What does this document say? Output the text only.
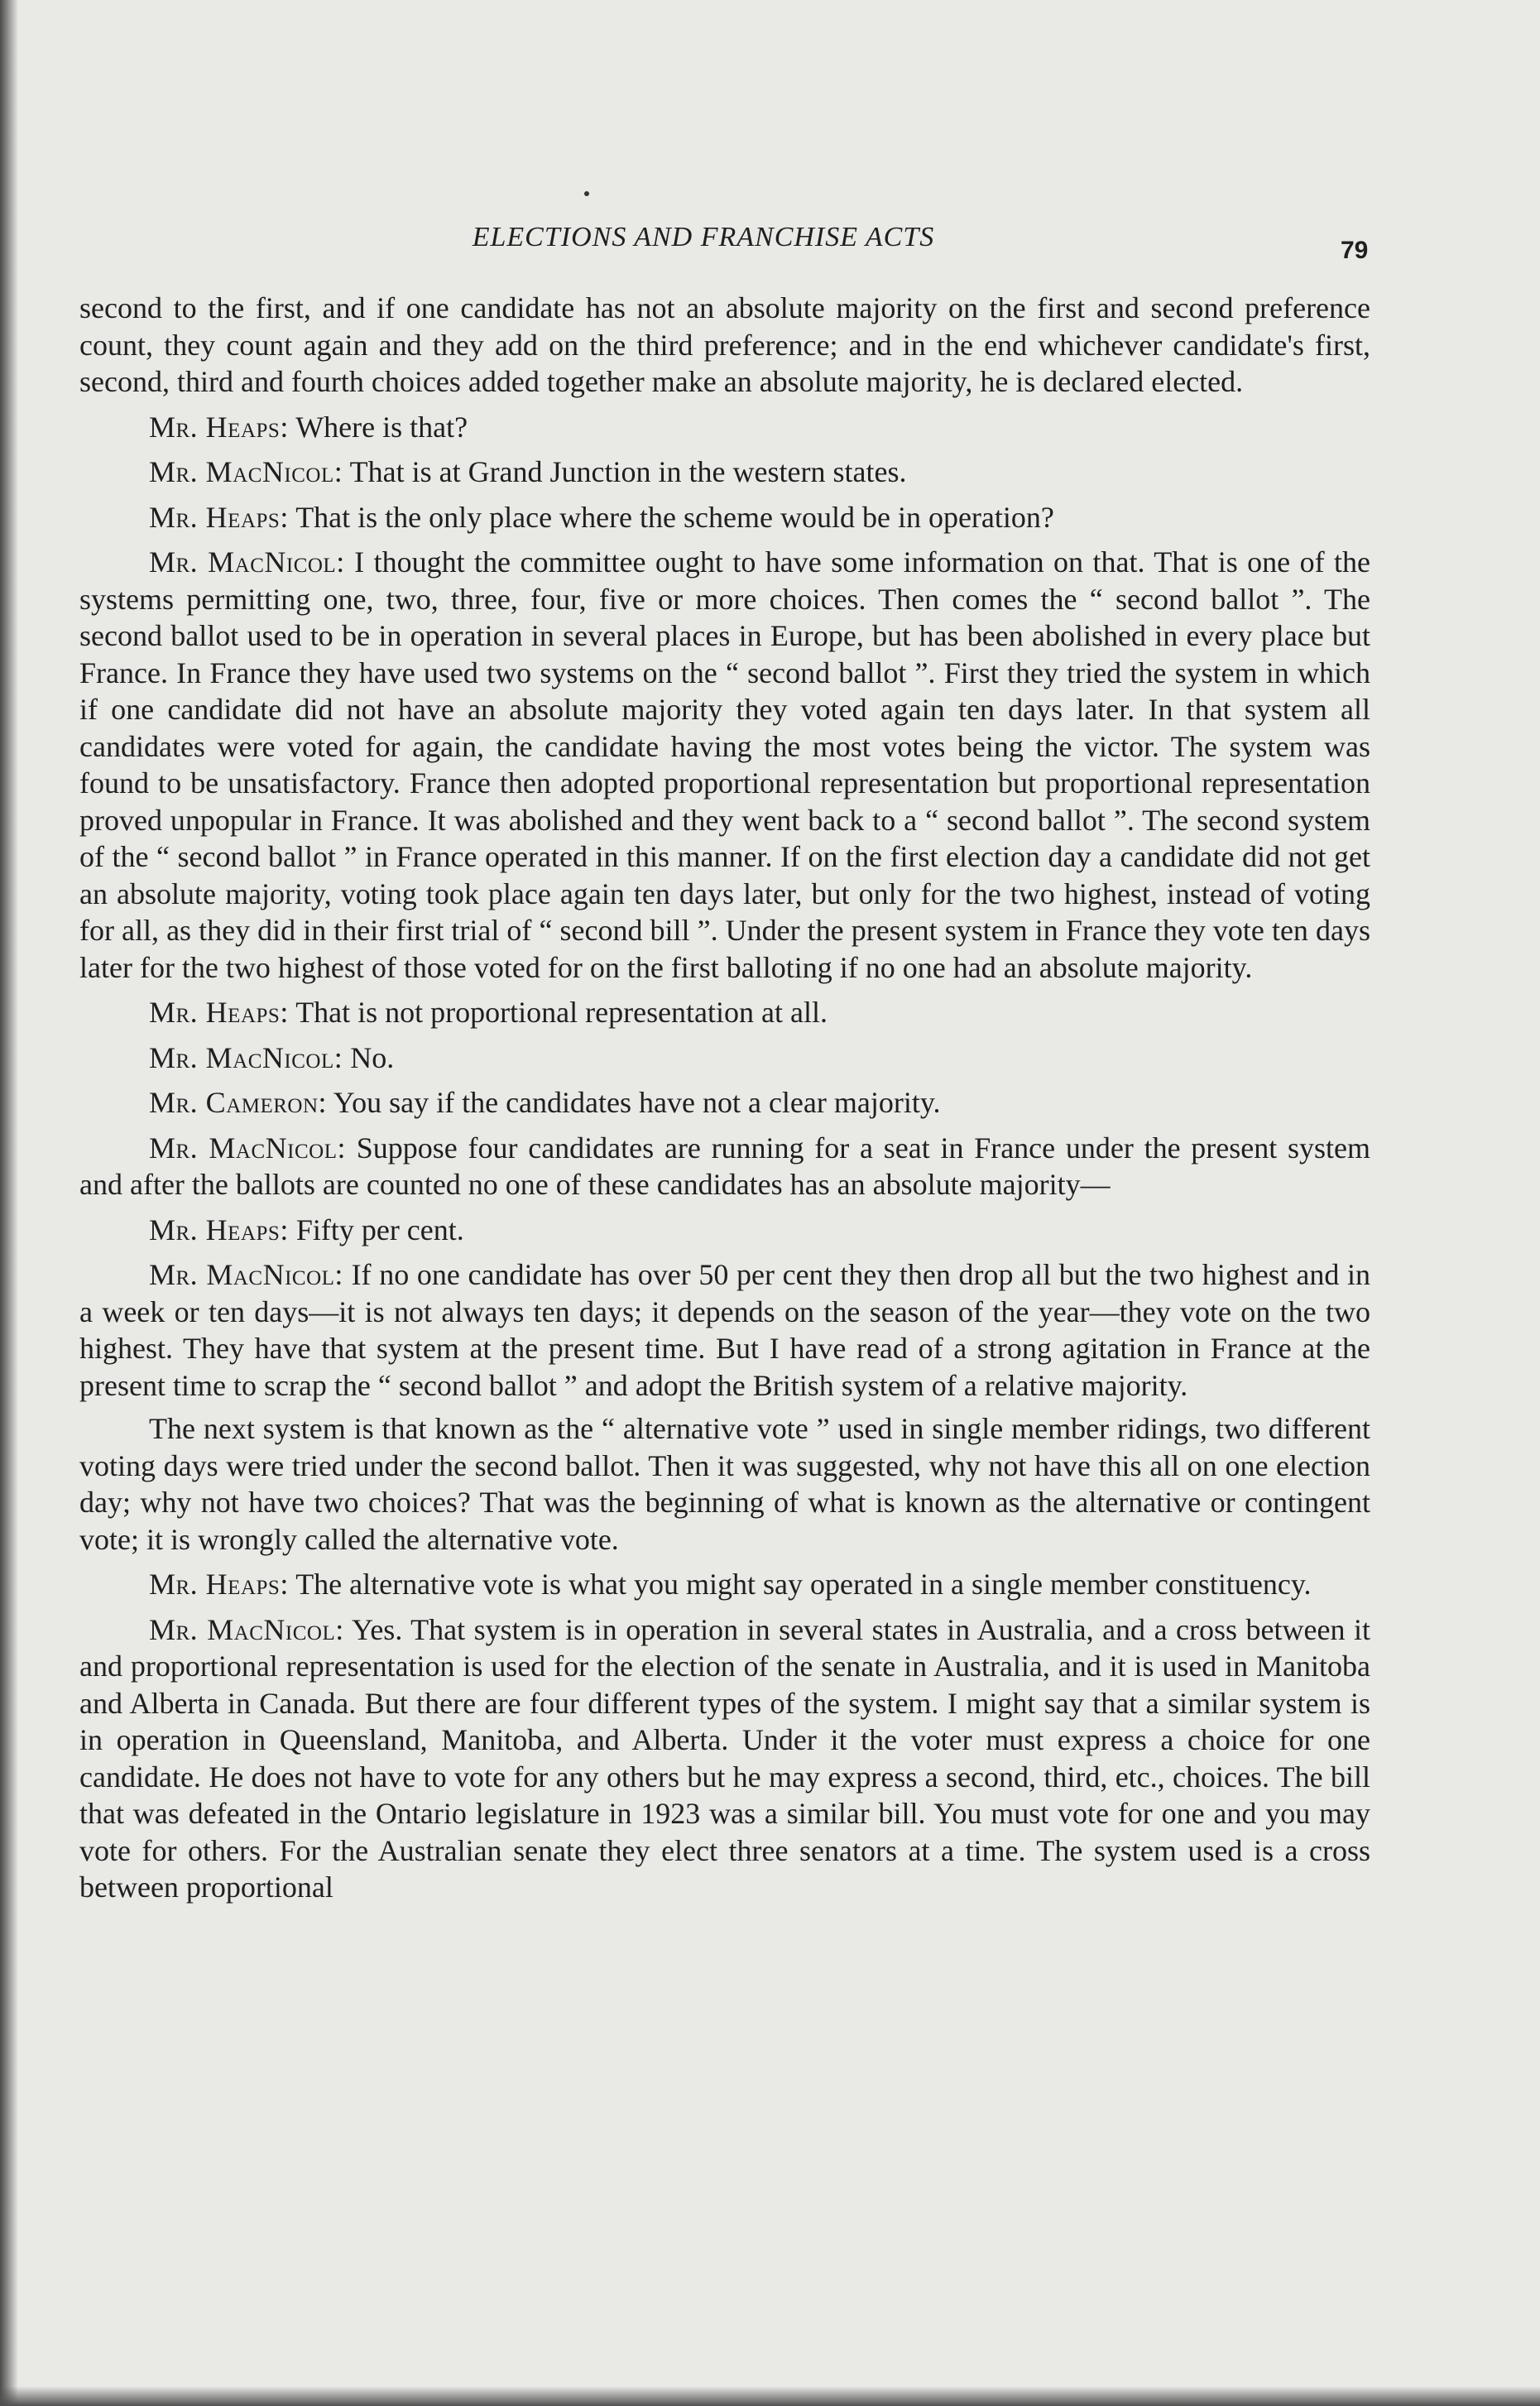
ELECTIONS AND FRANCHISE ACTS	79

second to the first, and if one candidate has not an absolute majority on the first and second preference count, they count again and they add on the third preference; and in the end whichever candidate's first, second, third and fourth choices added together make an absolute majority, he is declared elected.

Mr. Heaps: Where is that?

Mr. MacNicol: That is at Grand Junction in the western states.

Mr. Heaps: That is the only place where the scheme would be in operation?

Mr. MacNicol: I thought the committee ought to have some information on that. That is one of the systems permitting one, two, three, four, five or more choices. Then comes the “ second ballot ”. The second ballot used to be in operation in several places in Europe, but has been abolished in every place but France. In France they have used two systems on the “ second ballot ”. First they tried the system in which if one candidate did not have an absolute majority they voted again ten days later. In that system all candidates were voted for again, the candidate having the most votes being the victor. The system was found to be unsatisfactory. France then adopted proportional representation but proportional representation proved unpopular in France. It was abolished and they went back to a “ second ballot ”. The second system of the “ second ballot ” in France operated in this manner. If on the first election day a candidate did not get an absolute majority, voting took place again ten days later, but only for the two highest, instead of voting for all, as they did in their first trial of “ second bill ”. Under the present system in France they vote ten days later for the two highest of those voted for on the first balloting if no one had an absolute majority.

Mr. Heaps: That is not proportional representation at all.

Mr. MacNicol: No.

Mr. Cameron: You say if the candidates have not a clear majority.

Mr. MacNicol: Suppose four candidates are running for a seat in France under the present system and after the ballots are counted no one of these candidates has an absolute majority—

Mr. Heaps: Fifty per cent.

Mr. MacNicol: If no one candidate has over 50 per cent they then drop all but the two highest and in a week or ten days—it is not always ten days; it depends on the season of the year—they vote on the two highest. They have that system at the present time. But I have read of a strong agitation in France at the present time to scrap the “ second ballot ” and adopt the British system of a relative majority.

The next system is that known as the “ alternative vote ” used in single member ridings, two different voting days were tried under the second ballot. Then it was suggested, why not have this all on one election day; why not have two choices? That was the beginning of what is known as the alternative or contingent vote; it is wrongly called the alternative vote.

Mr. Heaps: The alternative vote is what you might say operated in a single member constituency.

Mr. MacNicol: Yes. That system is in operation in several states in Australia, and a cross between it and proportional representation is used for the election of the senate in Australia, and it is used in Manitoba and Alberta in Canada. But there are four different types of the system. I might say that a similar system is in operation in Queensland, Manitoba, and Alberta. Under it the voter must express a choice for one candidate. He does not have to vote for any others but he may express a second, third, etc., choices. The bill that was defeated in the Ontario legislature in 1923 was a similar bill. You must vote for one and you may vote for others. For the Australian senate they elect three senators at a time. The system used is a cross between proportional
